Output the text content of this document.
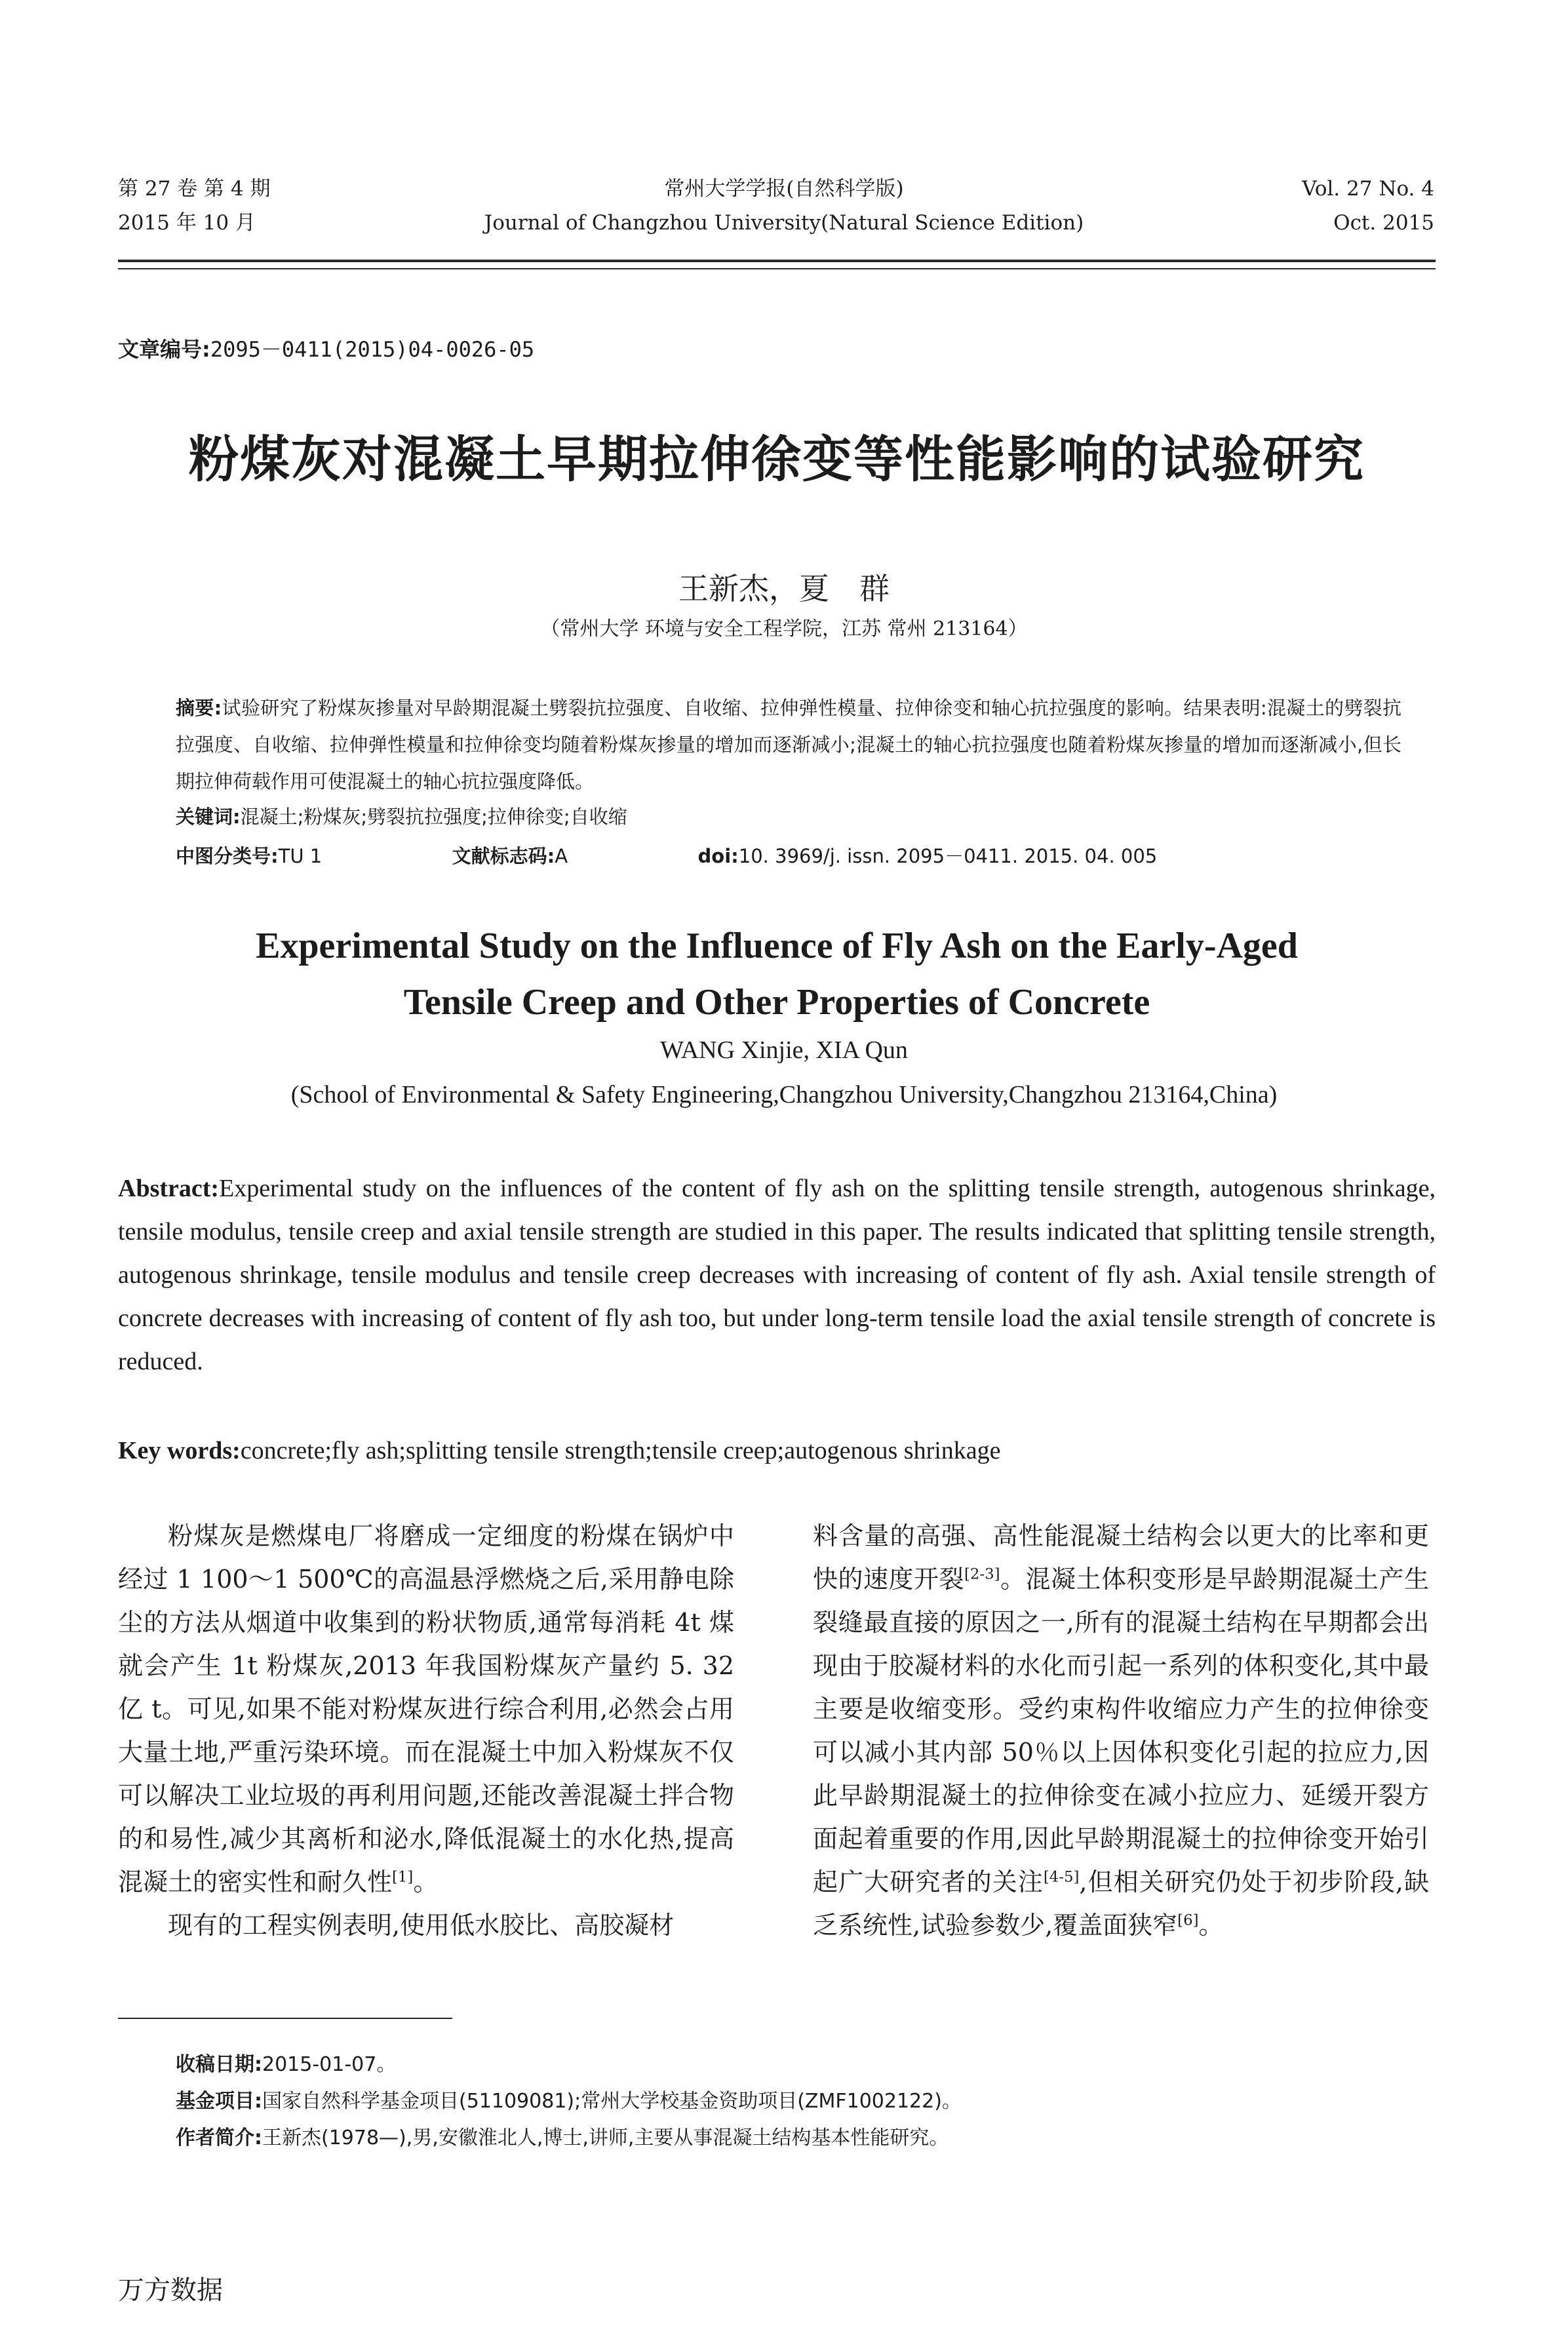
第 27 卷 第 4 期
2015 年 10 月
常州大学学报(自然科学版)
Journal of Changzhou University(Natural Science Edition)
Vol. 27 No. 4
Oct. 2015
文章编号:2095－0411(2015)04-0026-05
粉煤灰对混凝土早期拉伸徐变等性能影响的试验研究
王新杰，夏　群
（常州大学 环境与安全工程学院，江苏 常州 213164）
摘要:试验研究了粉煤灰掺量对早龄期混凝土劈裂抗拉强度、自收缩、拉伸弹性模量、拉伸徐变和轴心抗拉强度的影响。结果表明:混凝土的劈裂抗拉强度、自收缩、拉伸弹性模量和拉伸徐变均随着粉煤灰掺量的增加而逐渐减小;混凝土的轴心抗拉强度也随着粉煤灰掺量的增加而逐渐减小,但长期拉伸荷载作用可使混凝土的轴心抗拉强度降低。
关键词:混凝土;粉煤灰;劈裂抗拉强度;拉伸徐变;自收缩
中图分类号:TU 1	文献标志码:A	doi:10. 3969/j. issn. 2095－0411. 2015. 04. 005
Experimental Study on the Influence of Fly Ash on the Early-Aged
Tensile Creep and Other Properties of Concrete
WANG Xinjie, XIA Qun
(School of Environmental & Safety Engineering,Changzhou University,Changzhou 213164,China)
Abstract:Experimental study on the influences of the content of fly ash on the splitting tensile strength, autogenous shrinkage, tensile modulus, tensile creep and axial tensile strength are studied in this paper. The results indicated that splitting tensile strength, autogenous shrinkage, tensile modulus and tensile creep decreases with increasing of content of fly ash. Axial tensile strength of concrete decreases with increasing of content of fly ash too, but under long-term tensile load the axial tensile strength of concrete is reduced.
Key words:concrete;fly ash;splitting tensile strength;tensile creep;autogenous shrinkage

粉煤灰是燃煤电厂将磨成一定细度的粉煤在锅炉中经过 1 100～1 500℃的高温悬浮燃烧之后,采用静电除尘的方法从烟道中收集到的粉状物质,通常每消耗 4t 煤就会产生 1t 粉煤灰,2013 年我国粉煤灰产量约 5. 32 亿 t。可见,如果不能对粉煤灰进行综合利用,必然会占用大量土地,严重污染环境。而在混凝土中加入粉煤灰不仅可以解决工业垃圾的再利用问题,还能改善混凝土拌合物的和易性,减少其离析和泌水,降低混凝土的水化热,提高混凝土的密实性和耐久性[1]。

现有的工程实例表明,使用低水胶比、高胶凝材

料含量的高强、高性能混凝土结构会以更大的比率和更快的速度开裂[2-3]。混凝土体积变形是早龄期混凝土产生裂缝最直接的原因之一,所有的混凝土结构在早期都会出现由于胶凝材料的水化而引起一系列的体积变化,其中最主要是收缩变形。受约束构件收缩应力产生的拉伸徐变可以减小其内部 50％以上因体积变化引起的拉应力,因此早龄期混凝土的拉伸徐变在减小拉应力、延缓开裂方面起着重要的作用,因此早龄期混凝土的拉伸徐变开始引起广大研究者的关注[4-5],但相关研究仍处于初步阶段,缺乏系统性,试验参数少,覆盖面狭窄[6]。

收稿日期:2015-01-07。
基金项目:国家自然科学基金项目(51109081);常州大学校基金资助项目(ZMF1002122)。
作者简介:王新杰(1978—),男,安徽淮北人,博士,讲师,主要从事混凝土结构基本性能研究。
万方数据
